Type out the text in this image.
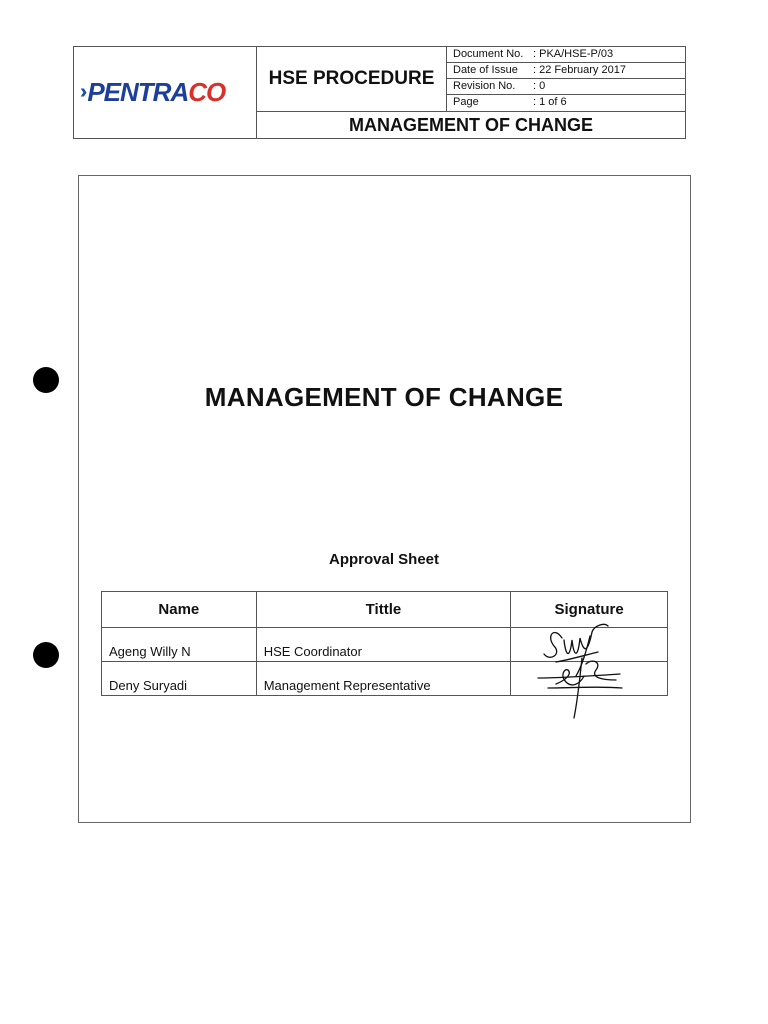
›› PENTRACO	HSE PROCEDURE
Document No. : PKA/HSE-P/03
Date of Issue : 22 February 2017
Revision No. : 0
Page	: 1 of 6
MANAGEMENT OF CHANGE
MANAGEMENT OF CHANGE
Approval Sheet
Name	Tittle	Signature
Ageng Willy N	HSE Coordinator	
Deny Suryadi	Management Representative	
